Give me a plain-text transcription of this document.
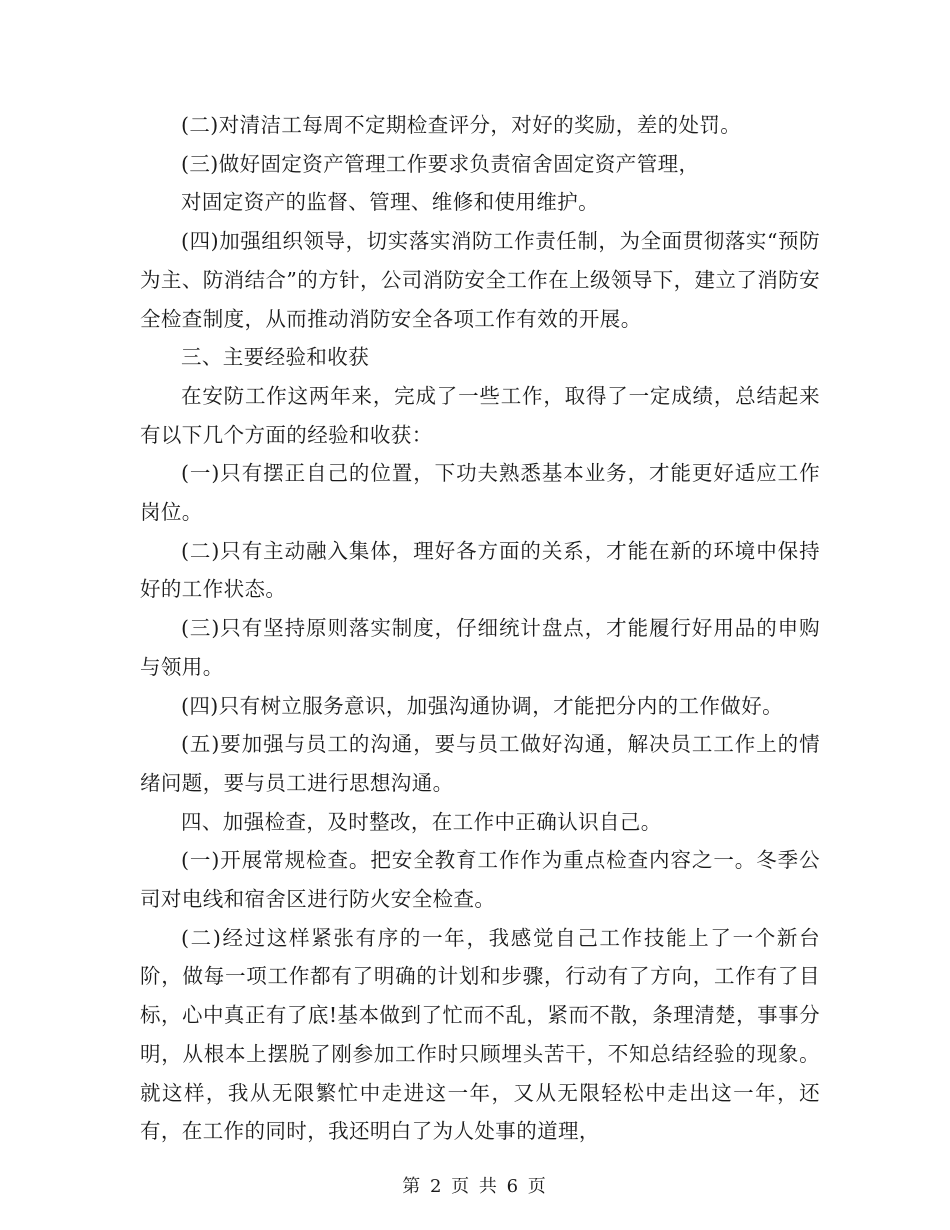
(二)对清洁工每周不定期检查评分，对好的奖励，差的处罚。

(三)做好固定资产管理工作要求负责宿舍固定资产管理，

对固定资产的监督、管理、维修和使用维护。

(四)加强组织领导，切实落实消防工作责任制，为全面贯彻落实“预防为主、防消结合”的方针，公司消防安全工作在上级领导下，建立了消防安全检查制度，从而推动消防安全各项工作有效的开展。

三、主要经验和收获

在安防工作这两年来，完成了一些工作，取得了一定成绩，总结起来有以下几个方面的经验和收获：

(一)只有摆正自己的位置，下功夫熟悉基本业务，才能更好适应工作岗位。

(二)只有主动融入集体，理好各方面的关系，才能在新的环境中保持好的工作状态。

(三)只有坚持原则落实制度，仔细统计盘点，才能履行好用品的申购与领用。

(四)只有树立服务意识，加强沟通协调，才能把分内的工作做好。

(五)要加强与员工的沟通，要与员工做好沟通，解决员工工作上的情绪问题，要与员工进行思想沟通。

四、加强检查，及时整改，在工作中正确认识自己。

(一)开展常规检查。把安全教育工作作为重点检查内容之一。冬季公司对电线和宿舍区进行防火安全检查。

(二)经过这样紧张有序的一年，我感觉自己工作技能上了一个新台阶，做每一项工作都有了明确的计划和步骤，行动有了方向，工作有了目标，心中真正有了底!基本做到了忙而不乱，紧而不散，条理清楚，事事分明，从根本上摆脱了刚参加工作时只顾埋头苦干，不知总结经验的现象。就这样，我从无限繁忙中走进这一年，又从无限轻松中走出这一年，还有，在工作的同时，我还明白了为人处事的道理，

第 2 页 共 6 页
